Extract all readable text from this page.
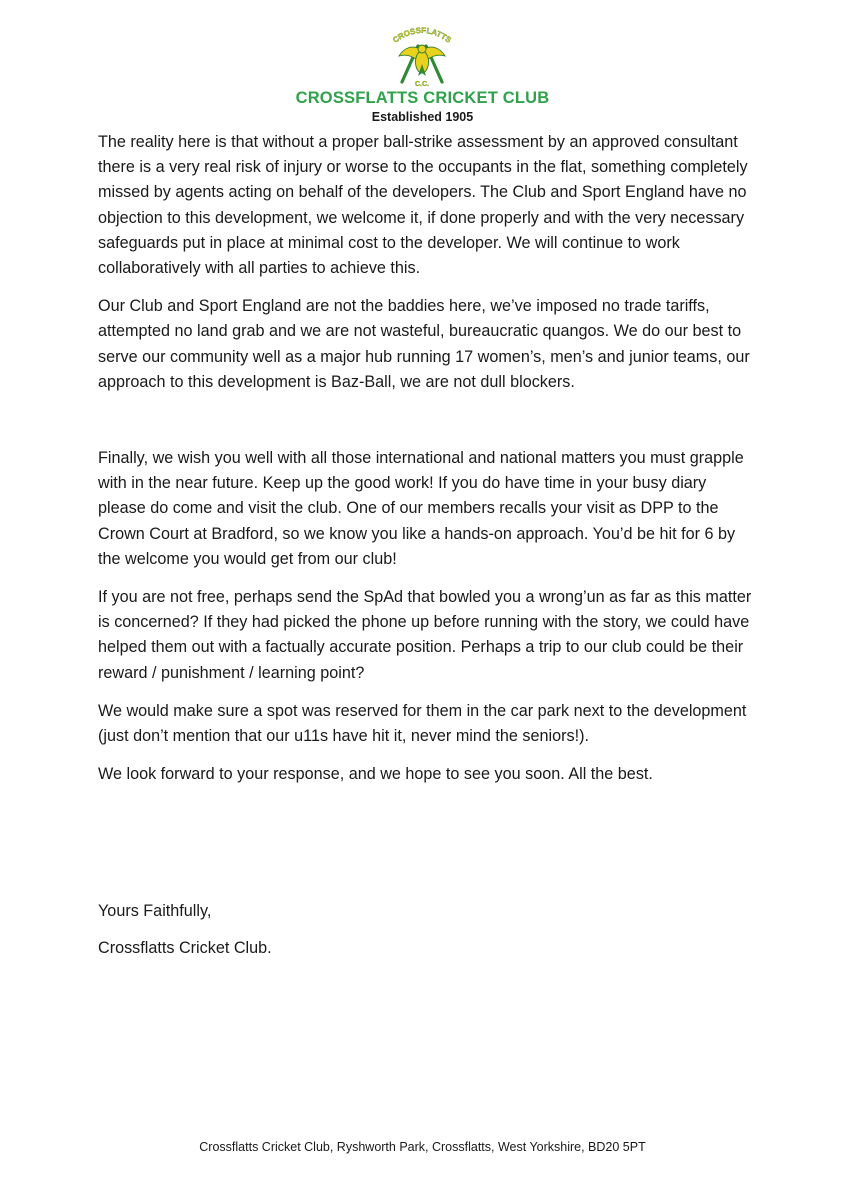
CROSSFLATTS
C.C.
CROSSFLATTS CRICKET CLUB
Established 1905

The reality here is that without a proper ball-strike assessment by an approved consultant there is a very real risk of injury or worse to the occupants in the flat, something completely missed by agents acting on behalf of the developers. The Club and Sport England have no objection to this development, we welcome it, if done properly and with the very necessary safeguards put in place at minimal cost to the developer. We will continue to work collaboratively with all parties to achieve this.

Our Club and Sport England are not the baddies here, we’ve imposed no trade tariffs, attempted no land grab and we are not wasteful, bureaucratic quangos. We do our best to serve our community well as a major hub running 17 women’s, men’s and junior teams, our approach to this development is Baz-Ball, we are not dull blockers.

Finally, we wish you well with all those international and national matters you must grapple with in the near future. Keep up the good work! If you do have time in your busy diary please do come and visit the club. One of our members recalls your visit as DPP to the Crown Court at Bradford, so we know you like a hands-on approach. You’d be hit for 6 by the welcome you would get from our club!

If you are not free, perhaps send the SpAd that bowled you a wrong’un as far as this matter is concerned? If they had picked the phone up before running with the story, we could have helped them out with a factually accurate position. Perhaps a trip to our club could be their reward / punishment / learning point?

We would make sure a spot was reserved for them in the car park next to the development (just don’t mention that our u11s have hit it, never mind the seniors!).

We look forward to your response, and we hope to see you soon. All the best.

Yours Faithfully,
Crossflatts Cricket Club.
Crossflatts Cricket Club, Ryshworth Park, Crossflatts, West Yorkshire, BD20 5PT
